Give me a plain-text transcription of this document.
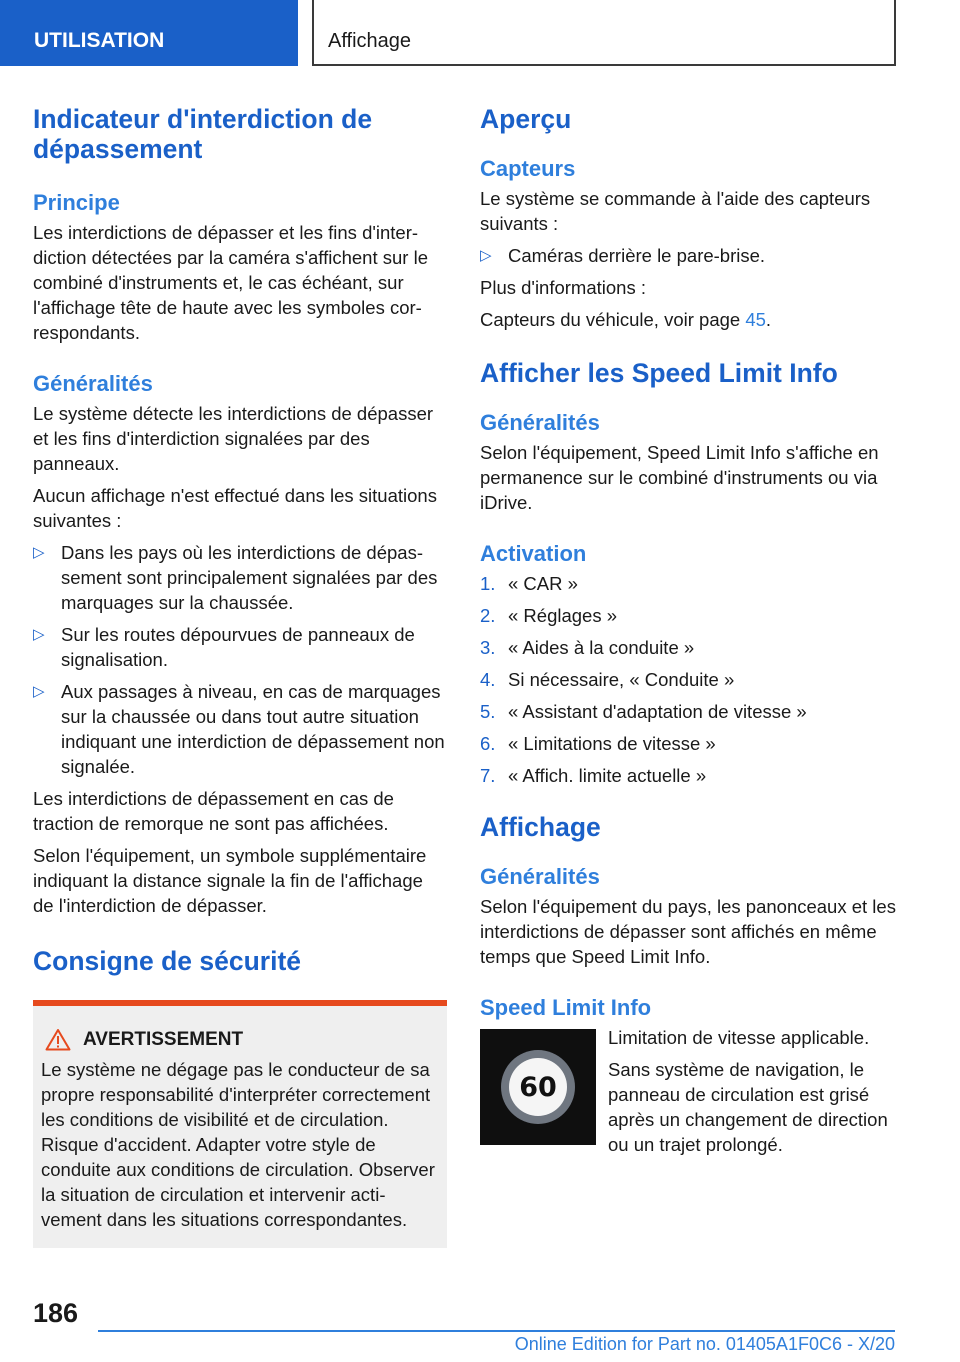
UTILISATION	Affichage
Indicateur d'interdiction de dépassement
Principe

Les interdictions de dépasser et les fins d'interdiction détectées par la caméra s'affichent sur le combiné d'instruments et, le cas échéant, sur l'affichage tête de haute avec les symboles correspondants.

Généralités

Le système détecte les interdictions de dépasser et les fins d'interdiction signalées par des panneaux.

Aucun affichage n'est effectué dans les situations suivantes :

▷ Dans les pays où les interdictions de dépassement sont principalement signalées par des marquages sur la chaussée.
▷ Sur les routes dépourvues de panneaux de signalisation.
▷ Aux passages à niveau, en cas de marquages sur la chaussée ou dans tout autre situation indiquant une interdiction de dépassement non signalée.

Les interdictions de dépassement en cas de traction de remorque ne sont pas affichées.

Selon l'équipement, un symbole supplémentaire indiquant la distance signale la fin de l'affichage de l'interdiction de dépasser.

Consigne de sécurité
AVERTISSEMENT

Le système ne dégage pas le conducteur de sa propre responsabilité d'interpréter correctement les conditions de visibilité et de circulation. Risque d'accident. Adapter votre style de conduite aux conditions de circulation. Observer la situation de circulation et intervenir activement dans les situations correspondantes.

Aperçu
Capteurs

Le système se commande à l'aide des capteurs suivants :

▷ Caméras derrière le pare-brise.

Plus d'informations :

Capteurs du véhicule, voir page 45.

Afficher les Speed Limit Info
Généralités

Selon l'équipement, Speed Limit Info s'affiche en permanence sur le combiné d'instruments ou via iDrive.

Activation
1. « CAR »
2. « Réglages »
3. « Aides à la conduite »
4. Si nécessaire, « Conduite »
5. « Assistant d'adaptation de vitesse »
6. « Limitations de vitesse »
7. « Affich. limite actuelle »
Affichage
Généralités

Selon l'équipement du pays, les panonceaux et les interdictions de dépasser sont affichés en même temps que Speed Limit Info.

Speed Limit Info
60

Limitation de vitesse applicable.

Sans système de navigation, le panneau de circulation est grisé après un changement de direction ou un trajet prolongé.

186
Online Edition for Part no. 01405A1F0C6 - X/20
